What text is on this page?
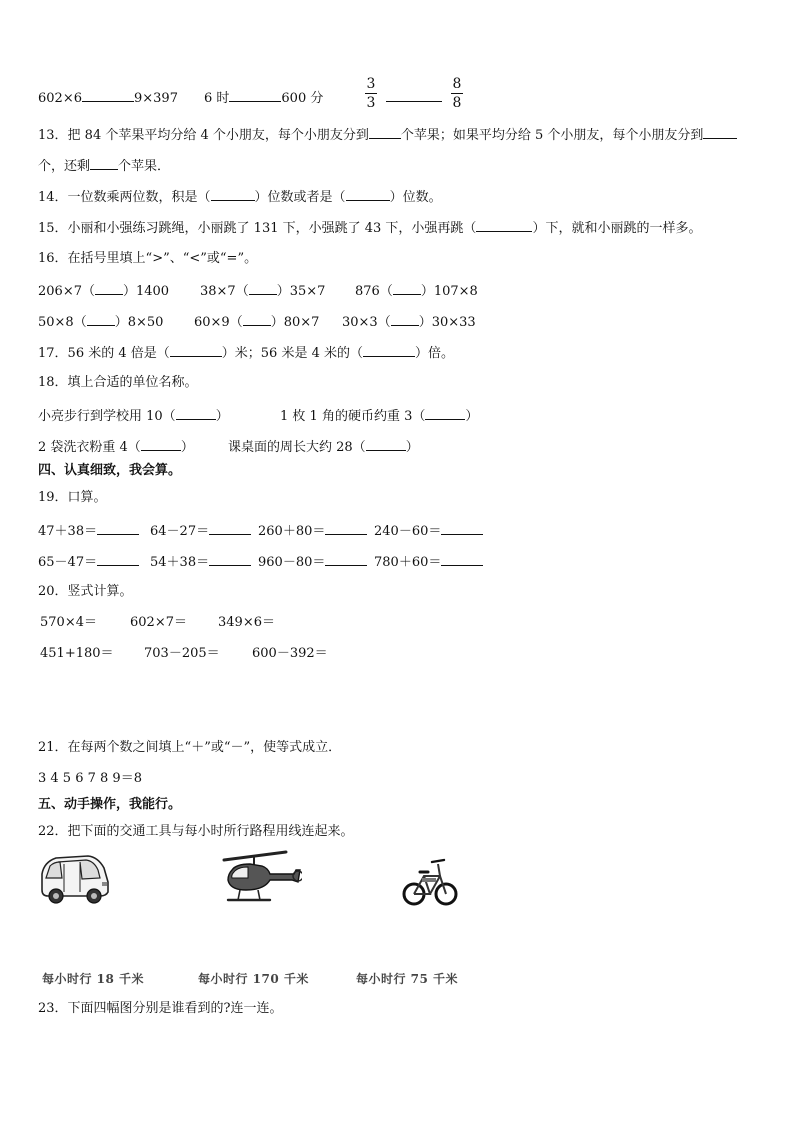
602×6	9×397 6 时	600 分
3
3
8
8
13．把 84 个苹果平均分给 4 个小朋友，每个小朋友分到 个苹果；如果平均分给 5 个小朋友，每个小朋友分到
个，还剩 个苹果．
14．一位数乘两位数，积是（	）位数或者是（	）位数。
15．小丽和小强练习跳绳，小丽跳了 131 下，小强跳了 43 下，小强再跳（	）下，就和小丽跳的一样多。
16．在括号里填上“>”、“<”或“=”。
206×7（ ）1400 38×7（ ）35×7 876（ ）107×8
50×8（ ）8×50 60×9（ ）80×7 30×3（ ）30×33
17．56 米的 4 倍是（	）米；56 米是 4 米的（	）倍。
18．填上合适的单位名称。
小亮步行到学校用 10（	）	1 枚 1 角的硬币约重 3（	）
2 袋洗衣粉重 4（	）	课桌面的周长大约 28（	）
四、认真细致，我会算。
19．口算。
47＋38＝	64－27＝	260＋80＝	240－60＝
65－47＝	54＋38＝	960－80＝	780＋60＝
20．竖式计算。
570×4＝	602×7＝ 349×6＝
451+180＝ 703－205＝ 600－392＝
21．在每两个数之间填上“＋”或“－”，使等式成立．
3 4 5 6 7 8 9＝8
五、动手操作，我能行。
22．把下面的交通工具与每小时所行路程用线连起来。
每小时行 18 千米	每小时行 170 千米	每小时行 75 千米
23．下面四幅图分别是谁看到的?连一连。
